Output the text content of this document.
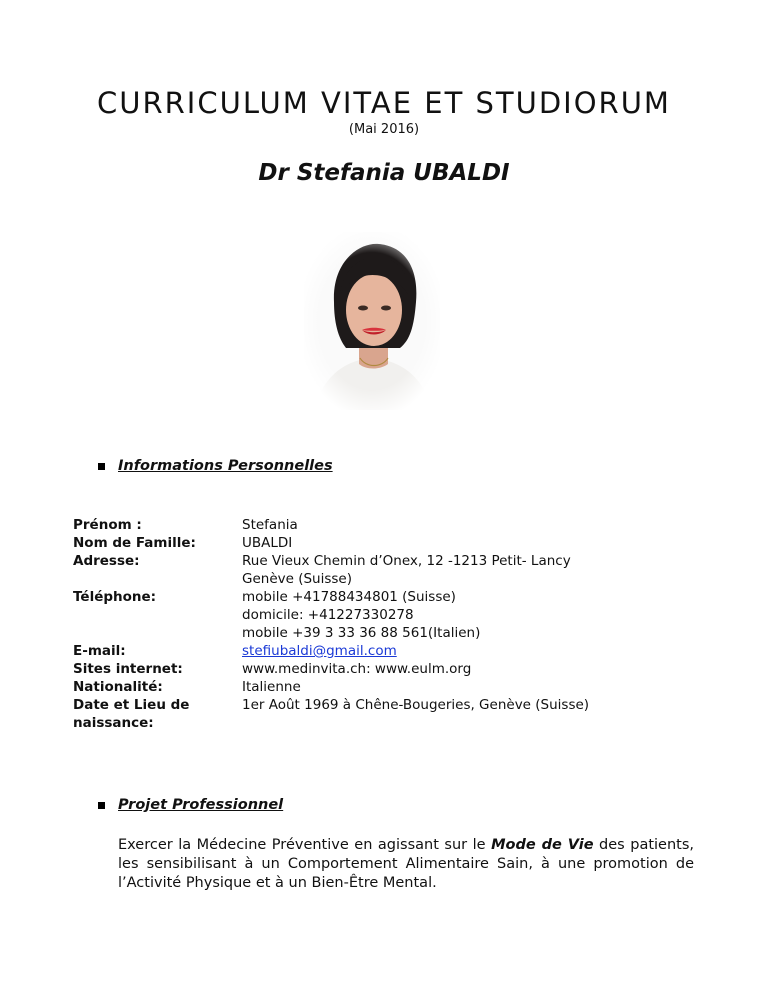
CURRICULUM VITAE ET STUDIORUM
(Mai 2016)
Dr Stefania UBALDI
Informations Personnelles
Prénom :
Nom de Famille:
Adresse:
Téléphone:
E-mail:
Sites internet:
Nationalité:
Date et Lieu de
naissance:
Stefania
UBALDI
Rue Vieux Chemin d’Onex, 12 -1213 Petit- Lancy
Genève (Suisse)
mobile +41788434801 (Suisse)
domicile: +41227330278
mobile +39 3 33 36 88 561(Italien)
stefiubaldi@gmail.com
www.medinvita.ch: www.eulm.org
Italienne
1er Août 1969 à Chêne-Bougeries, Genève (Suisse)
Projet Professionnel
Exercer la Médecine Préventive en agissant sur le Mode de Vie des patients, les sensibilisant à un Comportement Alimentaire Sain, à une promotion de l’Activité Physique et à un Bien-Être Mental.
